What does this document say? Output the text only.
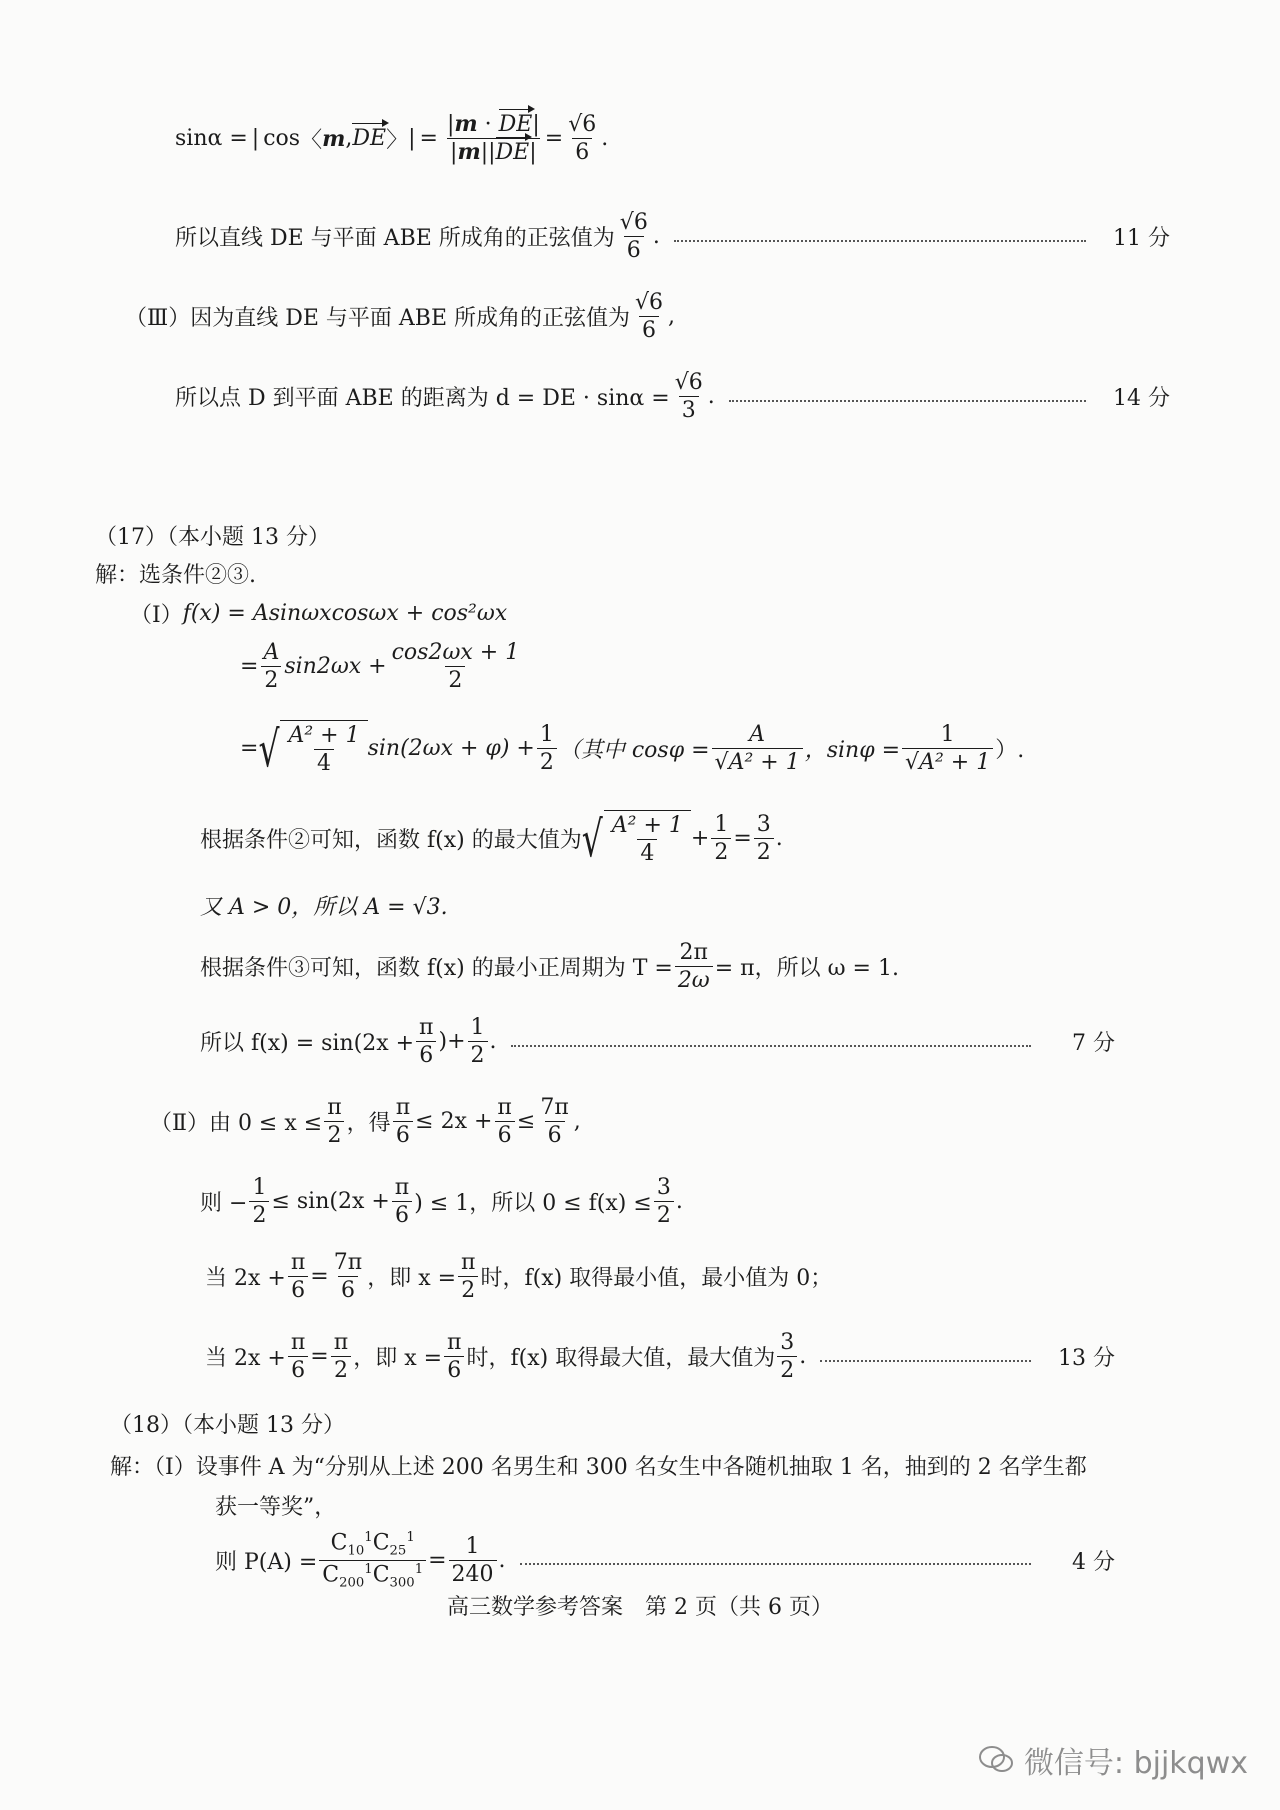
sinα = | cos 〈 m , DE 〉 | = $\frac{|m \cdot DE|}{|m||DE|} = \frac{√6}{6}$ .
所以直线 DE 与平面 ABE 所成角的正弦值为 $\frac{√6}{6}$ .	11 分
（Ⅲ）因为直线 DE 与平面 ABE 所成角的正弦值为 $\frac{√6}{6}$ ,
所以点 D 到平面 ABE 的距离为 d = DE · $\sin\alpha = \frac{√6}{3}$ .	14 分
（17）（本小题 13 分）
解：选条件②③.
（Ⅰ） f(x) = Asinωxcosωx + cos²ωx
= $\frac{A}{2} \sin 2\omega x + \frac{\cos 2\omega x + 1}{2}$
= √ $\frac{\text{A² + 1}}{4} \sin(2\omega x + \varphi) + \frac{1}{2}$ （其中 $\cos\varphi = \frac{A}{\text{√A² + 1}}$ ，$\sin\varphi = \frac{1}{\text{√A² + 1}}$ ）.
根据条件②可知，函数 f(x) 的最大值为 √ $\frac{\text{A² + 1}}{4} + \frac{1}{2} = \frac{3}{2}$ .
又 A > 0，所以 A = √3.
根据条件③可知，函数 f(x) 的最小正周期为 $T = \frac{2\pi}{2\omega} = \pi$，所以 ω = 1.
所以 $f(x) = \sin(2x + \frac{\pi}{6}$ )+ $\frac{1}{2}$ .	7 分
（Ⅱ）由 $0 \le x \le \frac{\pi}{2}$ ，得 $\frac{\pi}{6} \le 2x + \frac{\pi}{6} \le \frac{7\pi}{6}$ ,
则 − $\frac{1}{2} \le \sin(2x + \frac{\pi}{6}$ ) ≤ 1，所以 $0 \le f(x) \le \frac{3}{2}$ .
当 $2x + \frac{\pi}{6} = \frac{7\pi}{6}$ ，即 $x = \frac{\pi}{2}$ 时，f(x) 取得最小值，最小值为 0；
当 $2x + \frac{\pi}{6} = \frac{\pi}{2}$ ，即 $x = \frac{\pi}{6}$ 时，f(x) 取得最大值，最大值为 $\frac{3}{2}$ .	13 分
（18）（本小题 13 分）
解：（Ⅰ）设事件 A 为“分别从上述 200 名男生和 300 名女生中各随机抽取 1 名，抽到的 2 名学生都
获一等奖”，
则 $P(A) = \frac{C_{10}^1C_{25}^1}{C_{200}^1C_{300}^1} = \frac{1}{240}$ .	4 分
高三数学参考答案　第 2 页（共 6 页）
微信号: bjjkqwx
